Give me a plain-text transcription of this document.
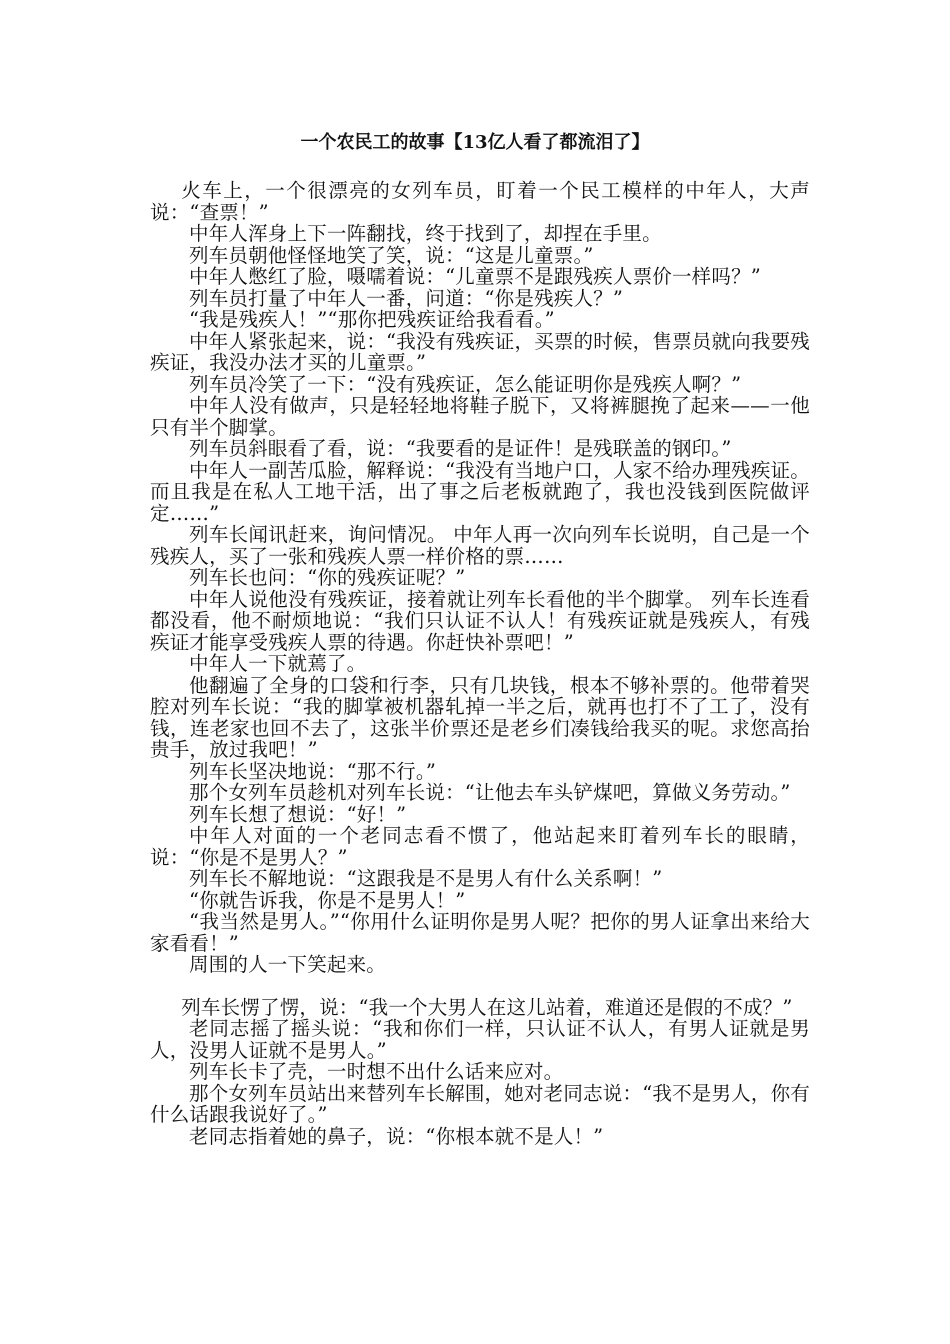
一个农民工的故事【13亿人看了都流泪了】

火车上，一个很漂亮的女列车员，盯着一个民工模样的中年人，大声说：“查票！”

中年人浑身上下一阵翻找，终于找到了，却捏在手里。

列车员朝他怪怪地笑了笑，说：“这是儿童票。”

中年人憋红了脸，嗫嚅着说：“儿童票不是跟残疾人票价一样吗？”

列车员打量了中年人一番，问道：“你是残疾人？”

“我是残疾人！”“那你把残疾证给我看看。”

中年人紧张起来，说：“我没有残疾证，买票的时候，售票员就向我要残疾证，我没办法才买的儿童票。”

列车员冷笑了一下：“没有残疾证，怎么能证明你是残疾人啊？”

中年人没有做声，只是轻轻地将鞋子脱下，又将裤腿挽了起来——一他只有半个脚掌。

列车员斜眼看了看，说：“我要看的是证件！是残联盖的钢印。”

中年人一副苦瓜脸，解释说：“我没有当地户口，人家不给办理残疾证。而且我是在私人工地干活，出了事之后老板就跑了，我也没钱到医院做评定……”

列车长闻讯赶来，询问情况。 中年人再一次向列车长说明，自己是一个残疾人，买了一张和残疾人票一样价格的票……

列车长也问：“你的残疾证呢？”

中年人说他没有残疾证，接着就让列车长看他的半个脚掌。 列车长连看都没看，他不耐烦地说：“我们只认证不认人！有残疾证就是残疾人，有残疾证才能享受残疾人票的待遇。你赶快补票吧！”

中年人一下就蔫了。

他翻遍了全身的口袋和行李，只有几块钱，根本不够补票的。他带着哭腔对列车长说：“我的脚掌被机器轧掉一半之后，就再也打不了工了，没有钱，连老家也回不去了，这张半价票还是老乡们凑钱给我买的呢。求您高抬贵手，放过我吧！”

列车长坚决地说：“那不行。”

那个女列车员趁机对列车长说：“让他去车头铲煤吧，算做义务劳动。”

列车长想了想说：“好！”

中年人对面的一个老同志看不惯了，他站起来盯着列车长的眼睛，说：“你是不是男人？”

列车长不解地说：“这跟我是不是男人有什么关系啊！”

“你就告诉我，你是不是男人！”

“我当然是男人。”“你用什么证明你是男人呢？把你的男人证拿出来给大家看看！”

周围的人一下笑起来。

列车长愣了愣，说：“我一个大男人在这儿站着，难道还是假的不成？”

老同志摇了摇头说：“我和你们一样，只认证不认人，有男人证就是男人，没男人证就不是男人。”

列车长卡了壳，一时想不出什么话来应对。

那个女列车员站出来替列车长解围，她对老同志说：“我不是男人，你有什么话跟我说好了。”

老同志指着她的鼻子，说：“你根本就不是人！”
